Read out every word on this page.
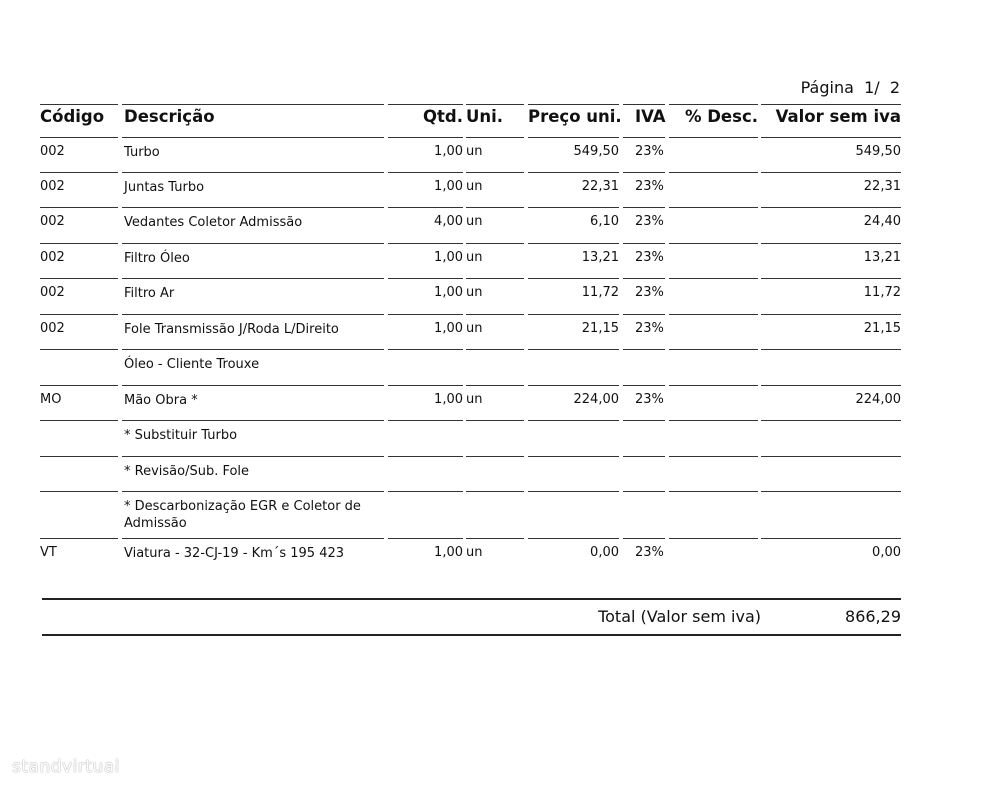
Página 1/  2
Código Descrição	Qtd. Uni. Preço uni. IVA	% Desc.	Valor sem iva
002	Turbo	1,00 un	549,50 23%	549,50
002	Juntas Turbo	1,00 un	22,31 23%	22,31
002	Vedantes Coletor Admissão	4,00 un	6,10 23%	24,40
002	Filtro Óleo	1,00 un	13,21 23%	13,21
002	Filtro Ar	1,00 un	11,72 23%	11,72
002	Fole Transmissão J/Roda L/Direito	1,00 un	21,15 23%	21,15
Óleo - Cliente Trouxe
MO	Mão Obra *	1,00 un	224,00 23%	224,00
* Substituir Turbo
* Revisão/Sub. Fole
* Descarbonização EGR e Coletor de Admissão
VT	Viatura - 32-CJ-19 - Km´s 195 423	1,00 un	0,00 23%	0,00
Total (Valor sem iva)	866,29
standvirtual
